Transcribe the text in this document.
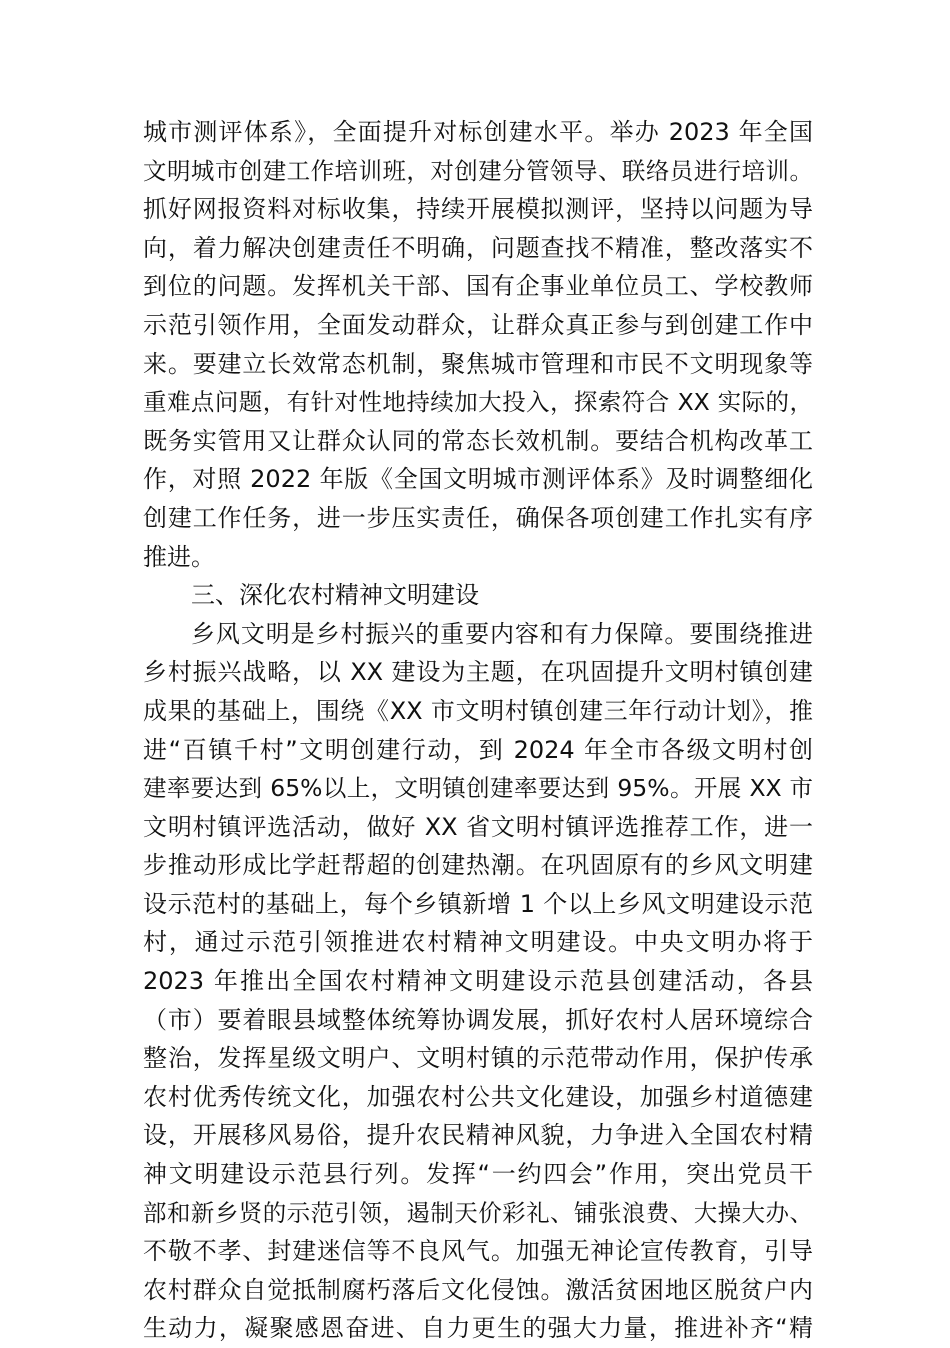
城市测评体系》，全面提升对标创建水平。举办 2023 年全国
文明城市创建工作培训班，对创建分管领导、联络员进行培训。
抓好网报资料对标收集，持续开展模拟测评，坚持以问题为导
向，着力解决创建责任不明确，问题查找不精准，整改落实不
到位的问题。发挥机关干部、国有企事业单位员工、学校教师
示范引领作用，全面发动群众，让群众真正参与到创建工作中
来。要建立长效常态机制，聚焦城市管理和市民不文明现象等
重难点问题，有针对性地持续加大投入，探索符合 XX 实际的，
既务实管用又让群众认同的常态长效机制。要结合机构改革工
作，对照 2022 年版《全国文明城市测评体系》及时调整细化
创建工作任务，进一步压实责任，确保各项创建工作扎实有序
推进。
三、深化农村精神文明建设
乡风文明是乡村振兴的重要内容和有力保障。要围绕推进
乡村振兴战略，以 XX 建设为主题，在巩固提升文明村镇创建
成果的基础上，围绕《XX 市文明村镇创建三年行动计划》，推
进“百镇千村”文明创建行动，到 2024 年全市各级文明村创
建率要达到 65%以上，文明镇创建率要达到 95%。开展 XX 市
文明村镇评选活动，做好 XX 省文明村镇评选推荐工作，进一
步推动形成比学赶帮超的创建热潮。在巩固原有的乡风文明建
设示范村的基础上，每个乡镇新增 1 个以上乡风文明建设示范
村，通过示范引领推进农村精神文明建设。中央文明办将于
2023 年推出全国农村精神文明建设示范县创建活动，各县
（市）要着眼县域整体统筹协调发展，抓好农村人居环境综合
整治，发挥星级文明户、文明村镇的示范带动作用，保护传承
农村优秀传统文化，加强农村公共文化建设，加强乡村道德建
设，开展移风易俗，提升农民精神风貌，力争进入全国农村精
神文明建设示范县行列。发挥“一约四会”作用，突出党员干
部和新乡贤的示范引领，遏制天价彩礼、铺张浪费、大操大办、
不敬不孝、封建迷信等不良风气。加强无神论宣传教育，引导
农村群众自觉抵制腐朽落后文化侵蚀。激活贫困地区脱贫户内
生动力，凝聚感恩奋进、自力更生的强大力量，推进补齐“精
